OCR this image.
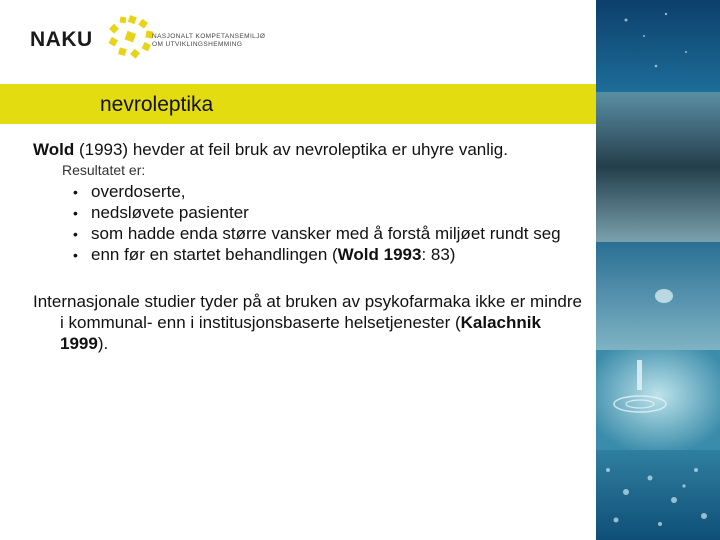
NAKU	NASJONALT KOMPETANSEMILJØ
OM UTVIKLINGSHEMMING
nevroleptika

Wold (1993) hevder at feil bruk av nevroleptika er uhyre vanlig.

Resultatet er:
• overdoserte,
• nedsløvete pasienter
• som hadde enda større vansker med å forstå miljøet rundt seg
• enn før en startet behandlingen (Wold 1993: 83)
Internasjonale studier tyder på at bruken av psykofarmaka ikke er mindre i kommunal- enn i institusjonsbaserte helsetjenester (Kalachnik 1999).
